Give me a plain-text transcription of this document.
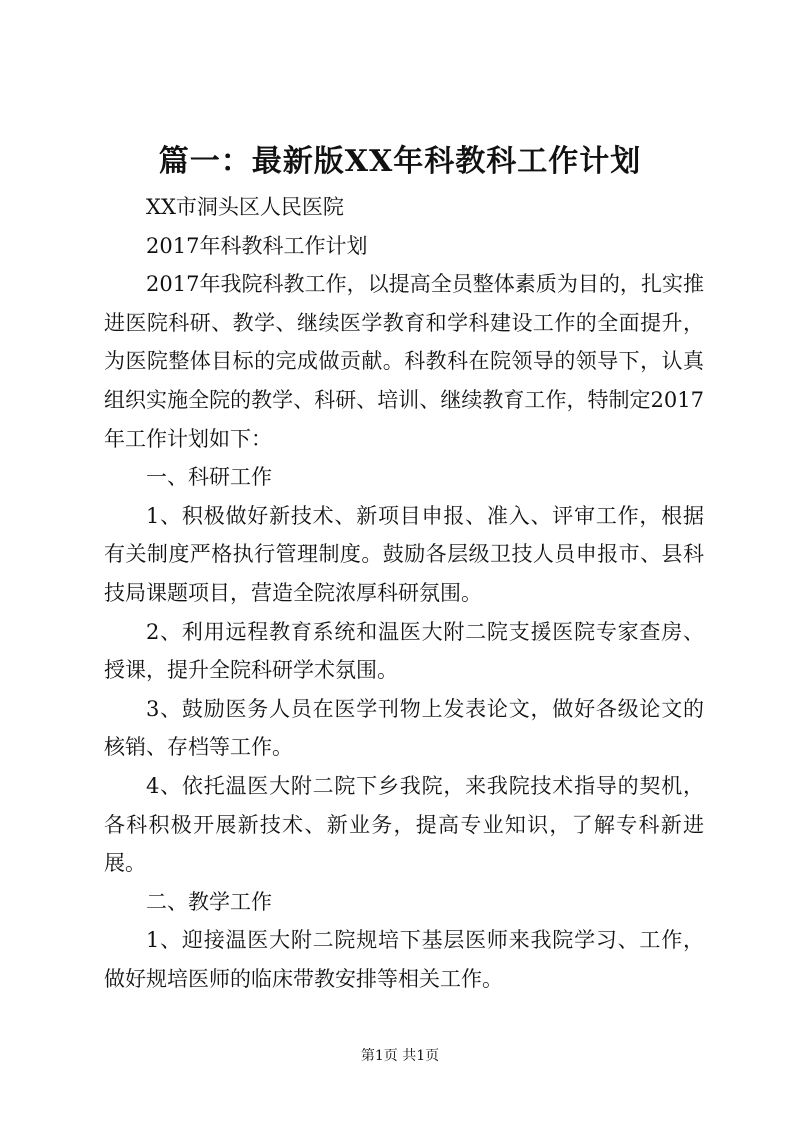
篇一：最新版XX年科教科工作计划

XX市洞头区人民医院

2017年科教科工作计划

2017年我院科教工作，以提高全员整体素质为目的，扎实推进医院科研、教学、继续医学教育和学科建设工作的全面提升，为医院整体目标的完成做贡献。科教科在院领导的领导下，认真组织实施全院的教学、科研、培训、继续教育工作，特制定2017年工作计划如下：

一、科研工作

1、积极做好新技术、新项目申报、准入、评审工作，根据有关制度严格执行管理制度。鼓励各层级卫技人员申报市、县科技局课题项目，营造全院浓厚科研氛围。

2、利用远程教育系统和温医大附二院支援医院专家查房、授课，提升全院科研学术氛围。

3、鼓励医务人员在医学刊物上发表论文，做好各级论文的核销、存档等工作。

4、依托温医大附二院下乡我院，来我院技术指导的契机，各科积极开展新技术、新业务，提高专业知识，了解专科新进展。

二、教学工作

1、迎接温医大附二院规培下基层医师来我院学习、工作，做好规培医师的临床带教安排等相关工作。

第1页 共1页
